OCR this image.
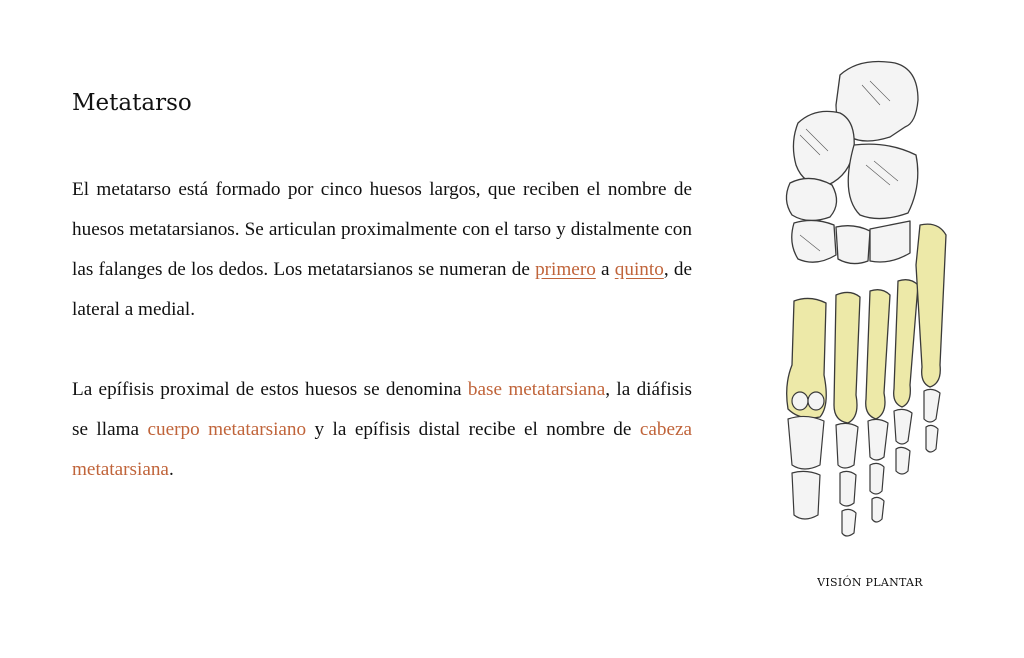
Metatarso

El metatarso está formado por cinco huesos largos, que reciben el nombre de huesos metatarsianos. Se articulan proximalmente con el tarso y distalmente con las falanges de los dedos. Los metatarsianos se numeran de primero a quinto, de lateral a medial.

La epífisis proximal de estos huesos se denomina base metatarsiana, la diáfisis se llama cuerpo metatarsiano y la epífisis distal recibe el nombre de cabeza metatarsiana.

VISIÓN PLANTAR
